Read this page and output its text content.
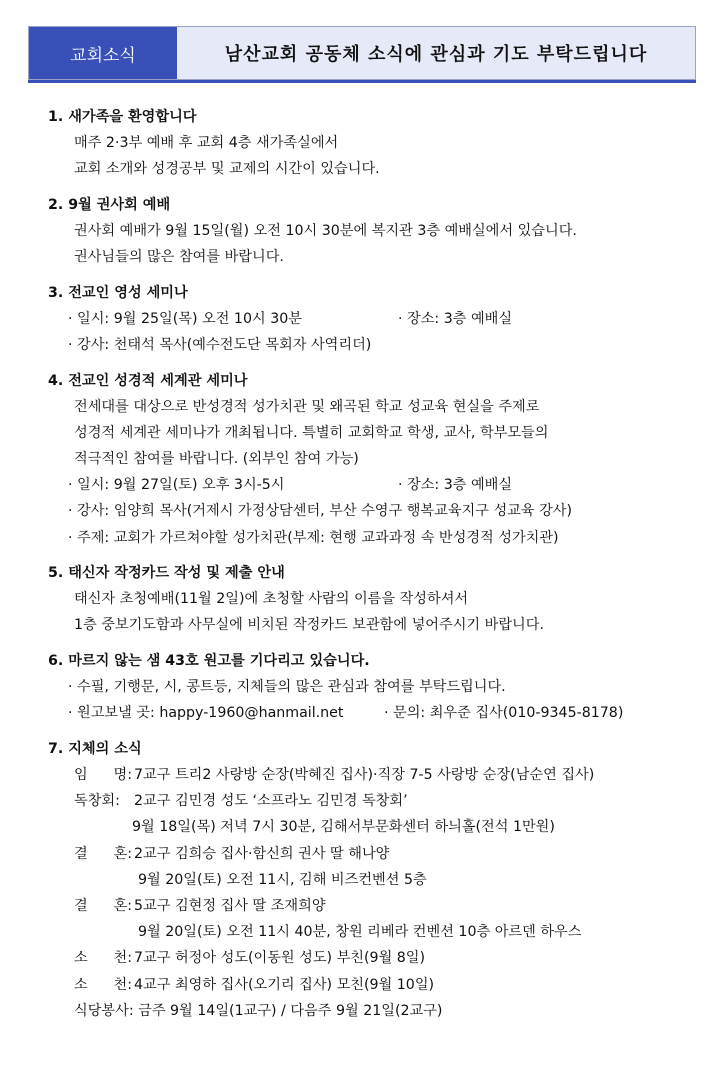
교회소식	남산교회 공동체 소식에 관심과 기도 부탁드립니다
1. 새가족을 환영합니다
매주 2·3부 예배 후 교회 4층 새가족실에서
교회 소개와 성경공부 및 교제의 시간이 있습니다.
2. 9월 권사회 예배
권사회 예배가 9월 15일(월) 오전 10시 30분에 복지관 3층 예배실에서 있습니다.
권사님들의 많은 참여를 바랍니다.
3. 전교인 영성 세미나
· 일시: 9월 25일(목) 오전 10시 30분	· 장소: 3층 예배실
· 강사: 천태석 목사(예수전도단 목회자 사역리더)
4. 전교인 성경적 세계관 세미나
전세대를 대상으로 반성경적 성가치관 및 왜곡된 학교 성교육 현실을 주제로
성경적 세계관 세미나가 개최됩니다. 특별히 교회학교 학생, 교사, 학부모들의
적극적인 참여를 바랍니다. (외부인 참여 가능)
· 일시: 9월 27일(토) 오후 3시-5시	· 장소: 3층 예배실
· 강사: 임양희 목사(거제시 가정상담센터, 부산 수영구 행복교육지구 성교육 강사)
· 주제: 교회가 가르쳐야할 성가치관(부제: 현행 교과과정 속 반성경적 성가치관)
5. 태신자 작정카드 작성 및 제출 안내
태신자 초청예배(11월 2일)에 초청할 사람의 이름을 작성하셔서
1층 중보기도함과 사무실에 비치된 작정카드 보관함에 넣어주시기 바랍니다.
6. 마르지 않는 샘 43호 원고를 기다리고 있습니다.
· 수필, 기행문, 시, 콩트등, 지체들의 많은 관심과 참여를 부탁드립니다.
· 원고보낼 곳: happy-1960@hanmail.net	· 문의: 최우준 집사(010-9345-8178)
7. 지체의 소식
임 명: 7교구 트리2 사랑방 순장(박혜진 집사)·직장 7-5 사랑방 순장(남순연 집사)
독창회: 2교구 김민경 성도 ‘소프라노 김민경 독창회’
9월 18일(목) 저녁 7시 30분, 김해서부문화센터 하늬홀(전석 1만원)
결 혼: 2교구 김희승 집사·함신희 권사 딸 해나양
9월 20일(토) 오전 11시, 김해 비즈컨벤션 5층
결 혼: 5교구 김현정 집사 딸 조재희양
9월 20일(토) 오전 11시 40분, 창원 리베라 컨벤션 10층 아르덴 하우스
소 천: 7교구 허정아 성도(이동원 성도) 부친(9월 8일)
소 천: 4교구 최영하 집사(오기리 집사) 모친(9월 10일)
식당봉사: 금주 9월 14일(1교구) / 다음주 9월 21일(2교구)
